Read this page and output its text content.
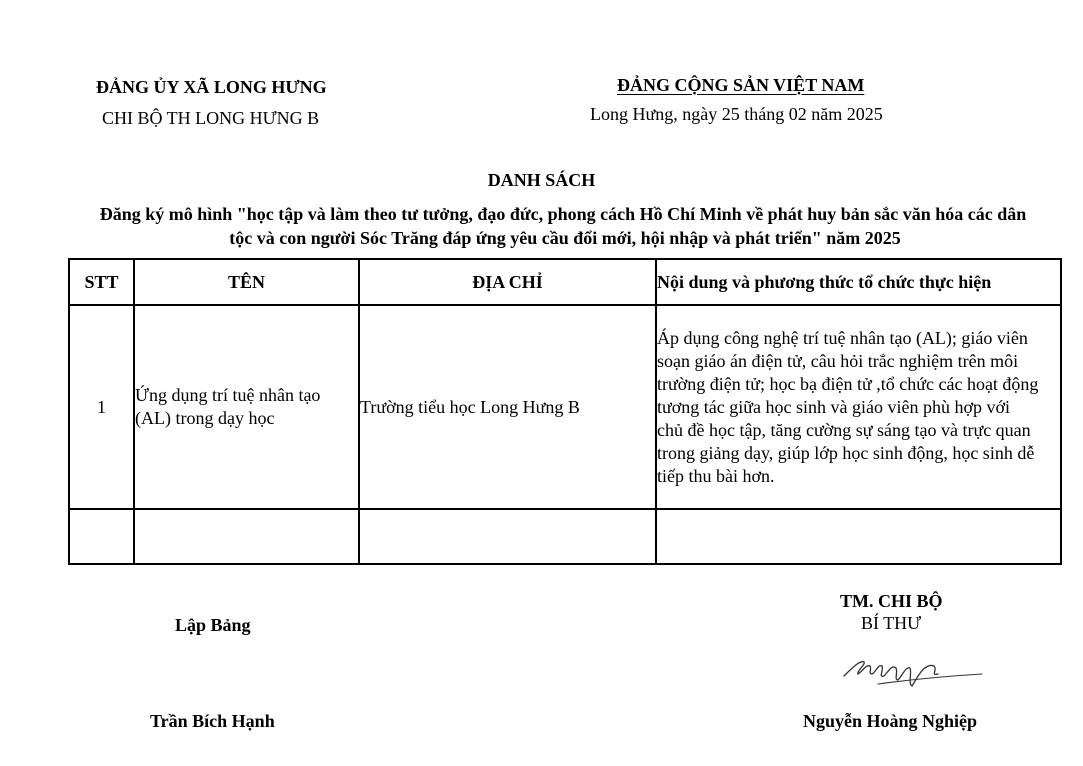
ĐẢNG ỦY XÃ LONG HƯNG
CHI BỘ TH LONG HƯNG B
ĐẢNG CỘNG SẢN VIỆT NAM
Long Hưng, ngày 25 tháng 02 năm 2025
DANH SÁCH
Đăng ký mô hình "học tập và làm theo tư tưởng, đạo đức, phong cách Hồ Chí Minh về phát huy bản sắc văn hóa các dân
tộc và con người Sóc Trăng đáp ứng yêu cầu đổi mới, hội nhập và phát triển" năm 2025
STT	TÊN	ĐỊA CHỈ	Nội dung và phương thức tổ chức thực hiện
1	Ứng dụng trí tuệ nhân tạo
(AL) trong dạy học	Trường tiểu học Long Hưng B	Áp dụng công nghệ trí tuệ nhân tạo (AL); giáo viên soạn giáo án điện tử, câu hỏi trắc nghiệm trên môi trường điện tử; học bạ điện tử ,tổ chức các hoạt động tương tác giữa học sinh và giáo viên phù hợp với chủ đề học tập, tăng cường sự sáng tạo và trực quan trong giảng dạy, giúp lớp học sinh động, học sinh dễ tiếp thu bài hơn.

Lập Bảng
Trần Bích Hạnh
TM. CHI BỘ
BÍ THƯ
Nguyễn Hoàng Nghiệp
